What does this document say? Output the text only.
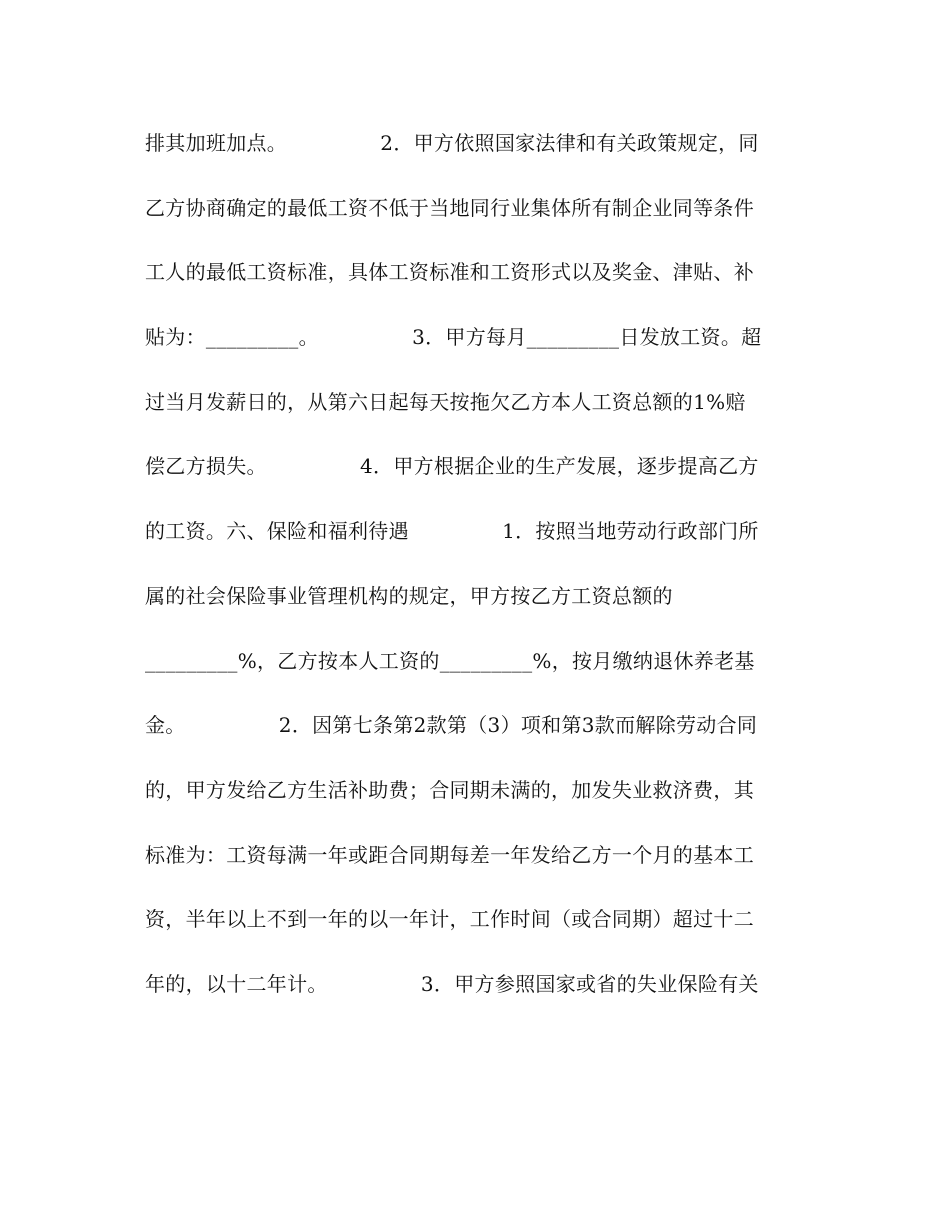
排其加班加点。              2．甲方依照国家法律和有关政策规定，同
乙方协商确定的最低工资不低于当地同行业集体所有制企业同等条件
工人的最低工资标准，具体工资标准和工资形式以及奖金、津贴、补
贴为：_________。              3．甲方每月_________日发放工资。超
过当月发薪日的，从第六日起每天按拖欠乙方本人工资总额的1%赔
偿乙方损失。              4．甲方根据企业的生产发展，逐步提高乙方
的工资。六、保险和福利待遇              1．按照当地劳动行政部门所
属的社会保险事业管理机构的规定，甲方按乙方工资总额的
_________%，乙方按本人工资的_________%，按月缴纳退休养老基
金。              2．因第七条第2款第（3）项和第3款而解除劳动合同
的，甲方发给乙方生活补助费；合同期未满的，加发失业救济费，其
标准为：工资每满一年或距合同期每差一年发给乙方一个月的基本工
资，半年以上不到一年的以一年计，工作时间（或合同期）超过十二
年的，以十二年计。              3．甲方参照国家或省的失业保险有关
